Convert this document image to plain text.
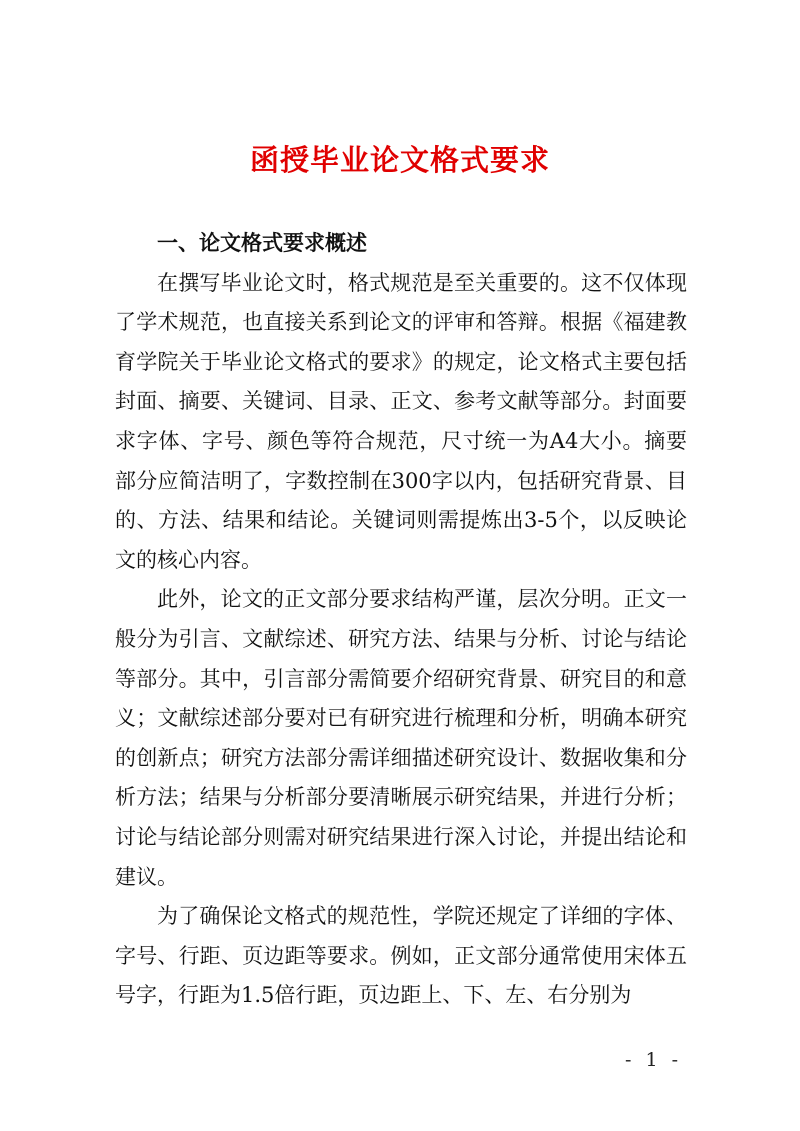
函授毕业论文格式要求
一、论文格式要求概述

在撰写毕业论文时，格式规范是至关重要的。这不仅体现了学术规范，也直接关系到论文的评审和答辩。根据《福建教育学院关于毕业论文格式的要求》的规定，论文格式主要包括封面、摘要、关键词、目录、正文、参考文献等部分。封面要求字体、字号、颜色等符合规范，尺寸统一为A4大小。摘要部分应简洁明了，字数控制在300字以内，包括研究背景、目的、方法、结果和结论。关键词则需提炼出3-5个，以反映论文的核心内容。

此外，论文的正文部分要求结构严谨，层次分明。正文一般分为引言、文献综述、研究方法、结果与分析、讨论与结论等部分。其中，引言部分需简要介绍研究背景、研究目的和意义；文献综述部分要对已有研究进行梳理和分析，明确本研究的创新点；研究方法部分需详细描述研究设计、数据收集和分析方法；结果与分析部分要清晰展示研究结果，并进行分析；讨论与结论部分则需对研究结果进行深入讨论，并提出结论和建议。

为了确保论文格式的规范性，学院还规定了详细的字体、字号、行距、页边距等要求。例如，正文部分通常使用宋体五号字，行距为1.5倍行距，页边距上、下、左、右分别为

- 1 -
